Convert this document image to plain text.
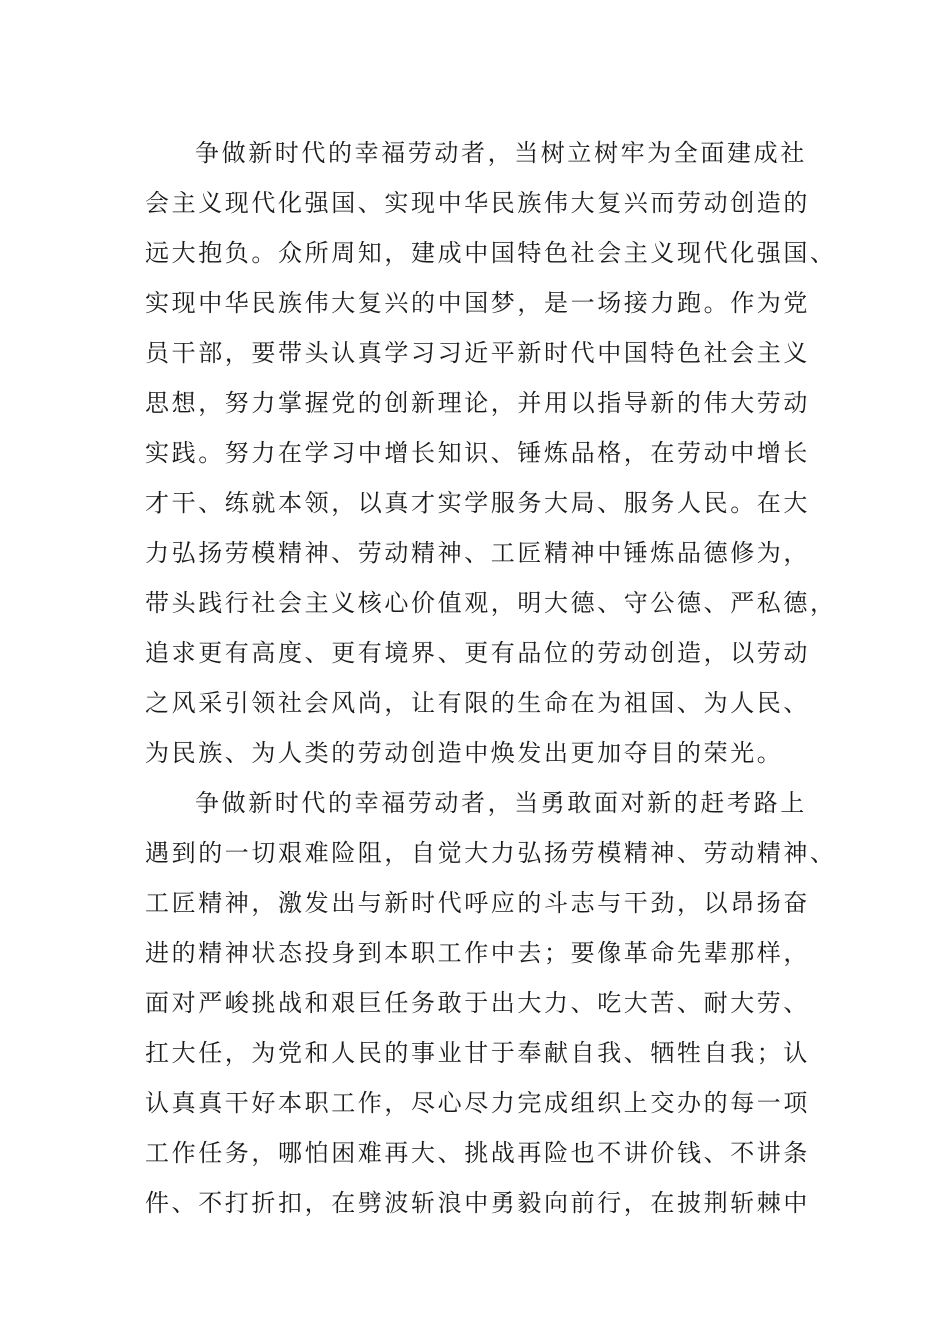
争做新时代的幸福劳动者，当树立树牢为全面建成社
会主义现代化强国、实现中华民族伟大复兴而劳动创造的
远大抱负。众所周知，建成中国特色社会主义现代化强国、
实现中华民族伟大复兴的中国梦，是一场接力跑。作为党
员干部，要带头认真学习习近平新时代中国特色社会主义
思想，努力掌握党的创新理论，并用以指导新的伟大劳动
实践。努力在学习中增长知识、锤炼品格，在劳动中增长
才干、练就本领，以真才实学服务大局、服务人民。在大
力弘扬劳模精神、劳动精神、工匠精神中锤炼品德修为，
带头践行社会主义核心价值观，明大德、守公德、严私德，
追求更有高度、更有境界、更有品位的劳动创造，以劳动
之风采引领社会风尚，让有限的生命在为祖国、为人民、
为民族、为人类的劳动创造中焕发出更加夺目的荣光。
争做新时代的幸福劳动者，当勇敢面对新的赶考路上
遇到的一切艰难险阻，自觉大力弘扬劳模精神、劳动精神、
工匠精神，激发出与新时代呼应的斗志与干劲，以昂扬奋
进的精神状态投身到本职工作中去；要像革命先辈那样，
面对严峻挑战和艰巨任务敢于出大力、吃大苦、耐大劳、
扛大任，为党和人民的事业甘于奉献自我、牺牲自我；认
认真真干好本职工作，尽心尽力完成组织上交办的每一项
工作任务，哪怕困难再大、挑战再险也不讲价钱、不讲条
件、不打折扣，在劈波斩浪中勇毅向前行，在披荆斩棘中
